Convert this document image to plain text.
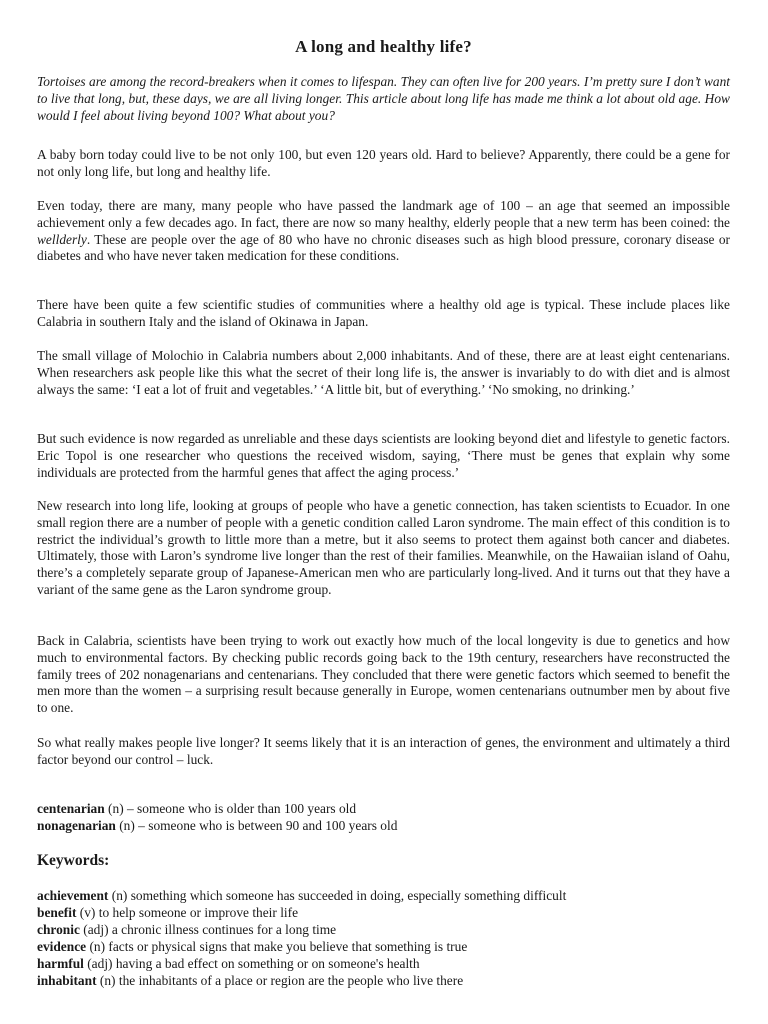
A long and healthy life?

Tortoises are among the record-breakers when it comes to lifespan. They can often live for 200 years. I’m pretty sure I don’t want to live that long, but, these days, we are all living longer. This article about long life has made me think a lot about old age. How would I feel about living beyond 100? What about you?

A baby born today could live to be not only 100, but even 120 years old. Hard to believe? Apparently, there could be a gene for not only long life, but long and healthy life.

Even today, there are many, many people who have passed the landmark age of 100 – an age that seemed an impossible achievement only a few decades ago. In fact, there are now so many healthy, elderly people that a new term has been coined: the wellderly. These are people over the age of 80 who have no chronic diseases such as high blood pressure, coronary disease or diabetes and who have never taken medication for these conditions.

There have been quite a few scientific studies of communities where a healthy old age is typical. These include places like Calabria in southern Italy and the island of Okinawa in Japan.

The small village of Molochio in Calabria numbers about 2,000 inhabitants. And of these, there are at least eight centenarians. When researchers ask people like this what the secret of their long life is, the answer is invariably to do with diet and is almost always the same: ‘I eat a lot of fruit and vegetables.’ ‘A little bit, but of everything.’ ‘No smoking, no drinking.’

But such evidence is now regarded as unreliable and these days scientists are looking beyond diet and lifestyle to genetic factors. Eric Topol is one researcher who questions the received wisdom, saying, ‘There must be genes that explain why some individuals are protected from the harmful genes that affect the aging process.’

New research into long life, looking at groups of people who have a genetic connection, has taken scientists to Ecuador. In one small region there are a number of people with a genetic condition called Laron syndrome. The main effect of this condition is to restrict the individual’s growth to little more than a metre, but it also seems to protect them against both cancer and diabetes. Ultimately, those with Laron’s syndrome live longer than the rest of their families. Meanwhile, on the Hawaiian island of Oahu, there’s a completely separate group of Japanese-American men who are particularly long-lived. And it turns out that they have a variant of the same gene as the Laron syndrome group.

Back in Calabria, scientists have been trying to work out exactly how much of the local longevity is due to genetics and how much to environmental factors. By checking public records going back to the 19th century, researchers have reconstructed the family trees of 202 nonagenarians and centenarians. They concluded that there were genetic factors which seemed to benefit the men more than the women – a surprising result because generally in Europe, women centenarians outnumber men by about five to one.

So what really makes people live longer? It seems likely that it is an interaction of genes, the environment and ultimately a third factor beyond our control – luck.

centenarian (n) – someone who is older than 100 years old
nonagenarian (n) – someone who is between 90 and 100 years old
Keywords:
achievement (n) something which someone has succeeded in doing, especially something difficult
benefit (v) to help someone or improve their life
chronic (adj) a chronic illness continues for a long time
evidence (n) facts or physical signs that make you believe that something is true
harmful (adj) having a bad effect on something or on someone's health
inhabitant (n) the inhabitants of a place or region are the people who live there
